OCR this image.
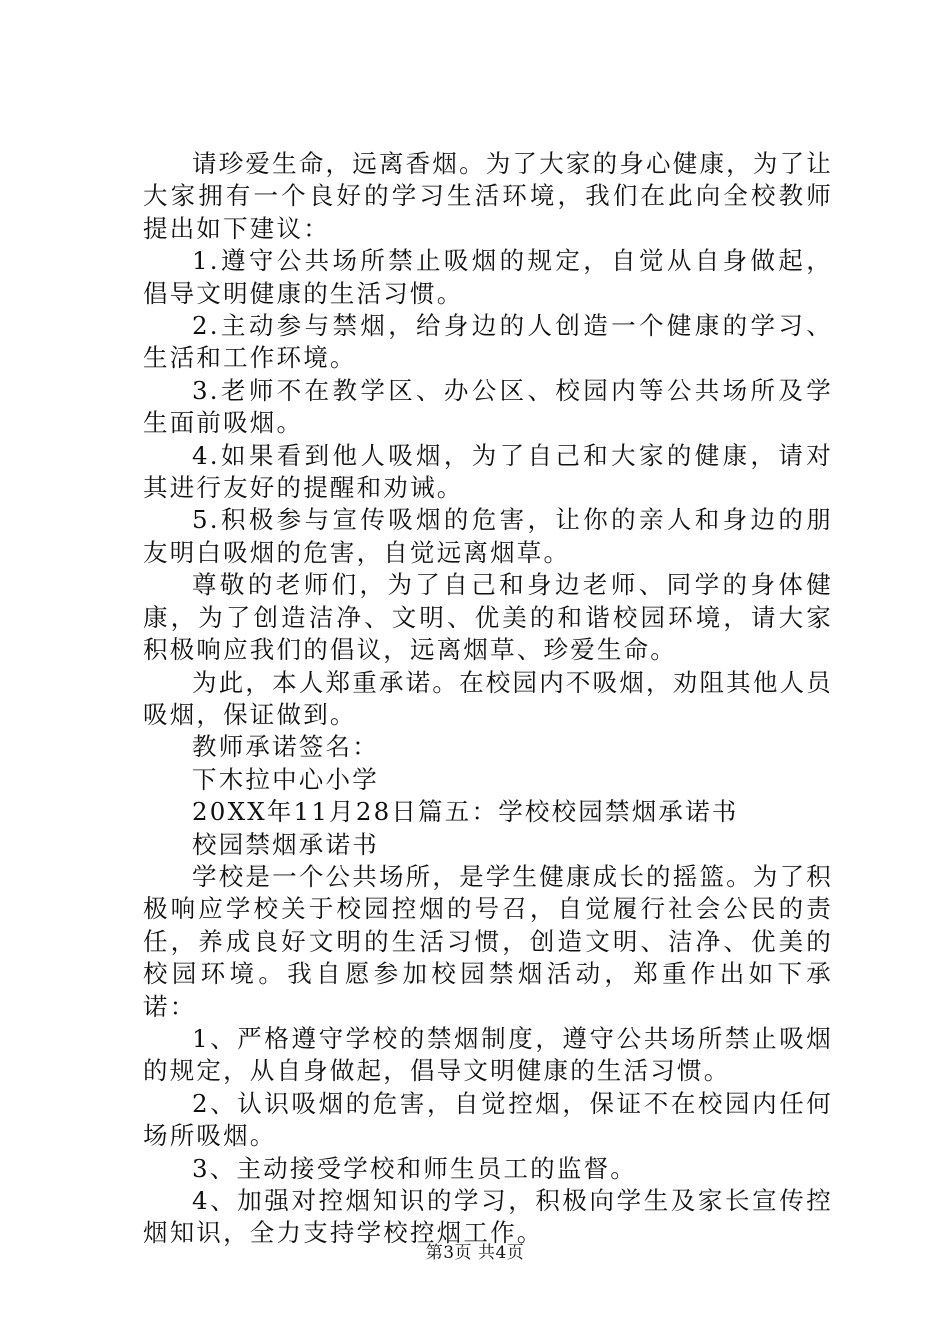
请珍爱生命，远离香烟。为了大家的身心健康，为了让大家拥有一个良好的学习生活环境，我们在此向全校教师提出如下建议：

1.遵守公共场所禁止吸烟的规定，自觉从自身做起，倡导文明健康的生活习惯。

2.主动参与禁烟，给身边的人创造一个健康的学习、生活和工作环境。

3.老师不在教学区、办公区、校园内等公共场所及学生面前吸烟。

4.如果看到他人吸烟，为了自己和大家的健康，请对其进行友好的提醒和劝诫。

5.积极参与宣传吸烟的危害，让你的亲人和身边的朋友明白吸烟的危害，自觉远离烟草。

尊敬的老师们，为了自己和身边老师、同学的身体健康，为了创造洁净、文明、优美的和谐校园环境，请大家积极响应我们的倡议，远离烟草、珍爱生命。

为此，本人郑重承诺。在校园内不吸烟，劝阻其他人员吸烟，保证做到。

教师承诺签名：

下木拉中心小学

20XX年11月28日篇五：学校校园禁烟承诺书

校园禁烟承诺书

学校是一个公共场所，是学生健康成长的摇篮。为了积极响应学校关于校园控烟的号召，自觉履行社会公民的责任，养成良好文明的生活习惯，创造文明、洁净、优美的校园环境。我自愿参加校园禁烟活动，郑重作出如下承诺：

1、严格遵守学校的禁烟制度，遵守公共场所禁止吸烟的规定，从自身做起，倡导文明健康的生活习惯。

2、认识吸烟的危害，自觉控烟，保证不在校园内任何场所吸烟。

3、主动接受学校和师生员工的监督。

4、加强对控烟知识的学习，积极向学生及家长宣传控烟知识，全力支持学校控烟工作。

第3页 共4页
